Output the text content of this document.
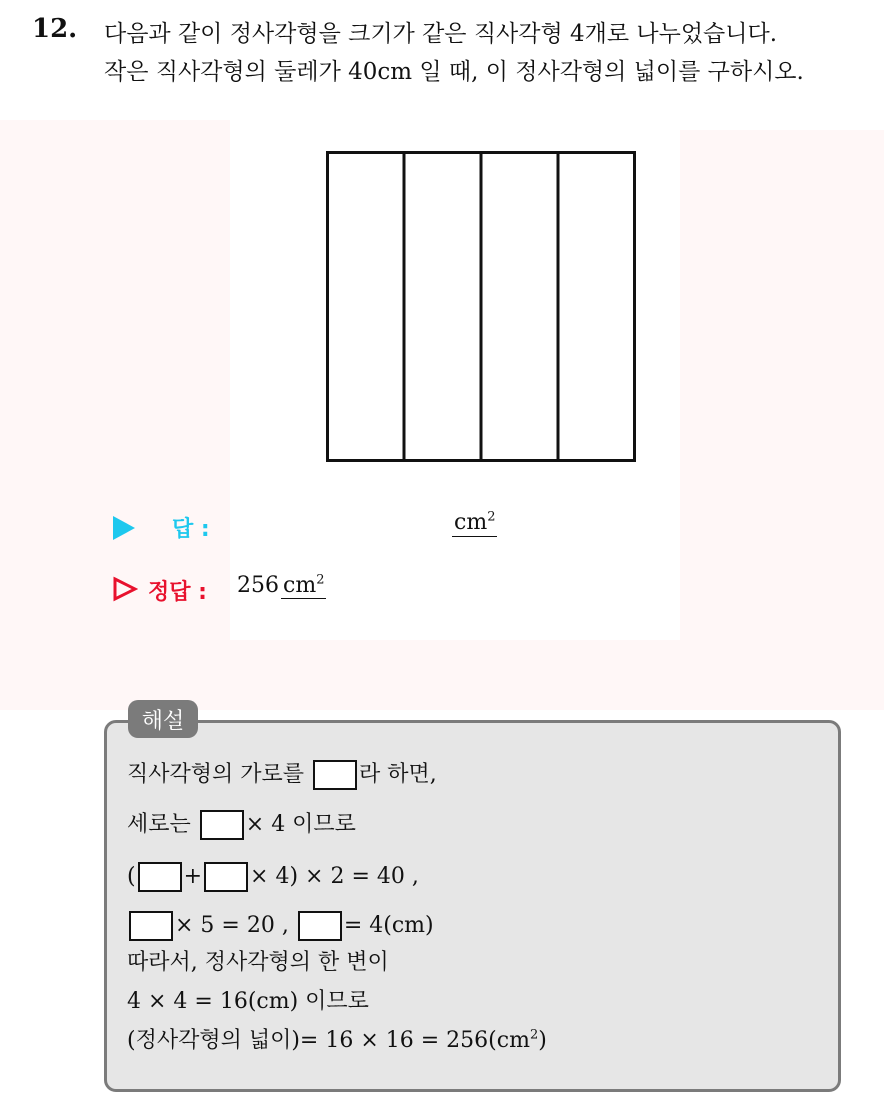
12. 다음과 같이 정사각형을 크기가 같은 직사각형 4개로 나누었습니다.
작은 직사각형의 둘레가 40cm 일 때, 이 정사각형의 넓이를 구하시오.
답 :	$cm^2$
정답 : 256 $cm^2$
해설
직사각형의 가로를	라 하면,
세로는	× 4 이므로
( + × 4) × 2 = 40 ,
× 5 = 20 ,	= 4(cm)
따라서, 정사각형의 한 변이
4 × 4 = 16(cm) 이므로
(정사각형의 넓이)= $16 \times 16 = 256(cm^2)$
